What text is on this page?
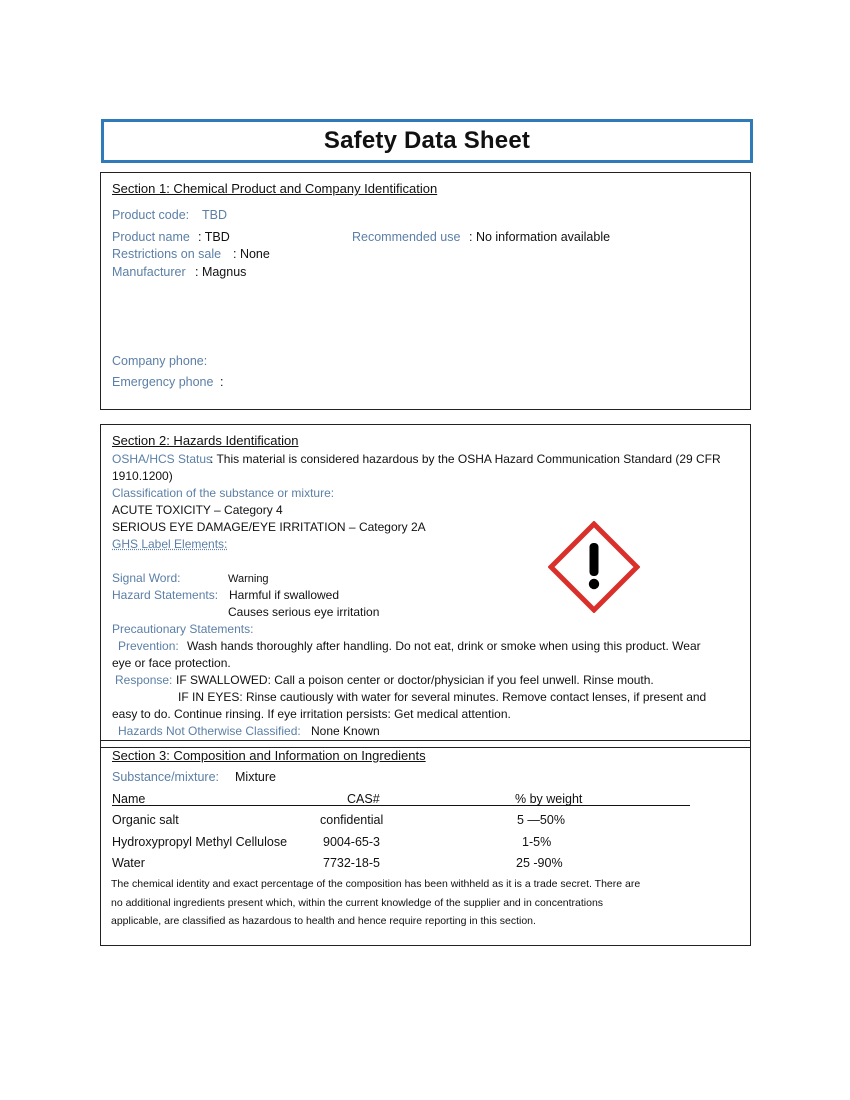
Safety Data Sheet
Section 1: Chemical Product and Company Identification
Product code: TBD
Product name : TBD	Recommended use : No information available
Restrictions on sale : None
Manufacturer : Magnus
Company phone:
Emergency phone :
Section 2: Hazards Identification
OSHA/HCS Status
: This material is considered hazardous by the OSHA Hazard Communication Standard (29 CFR
1910.1200)
Classification of the substance or mixture:
ACUTE TOXICITY – Category 4
SERIOUS EYE DAMAGE/EYE IRRITATION – Category 2A
GHS Label Elements:
Signal Word:	Warning
Hazard Statements: Harmful if swallowed
Causes serious eye irritation
Precautionary Statements:
Prevention: Wash hands thoroughly after handling. Do not eat, drink or smoke when using this product. Wear
eye or face protection.
Response: IF SWALLOWED: Call a poison center or doctor/physician if you feel unwell. Rinse mouth.
IF IN EYES: Rinse cautiously with water for several minutes. Remove contact lenses, if present and
easy to do. Continue rinsing. If eye irritation persists: Get medical attention.
Hazards Not Otherwise Classified: None Known
Section 3: Composition and Information on Ingredients
Substance/mixture: Mixture
Name	CAS#	% by weight
Organic salt	confidential	5 —50%
Hydroxypropyl Methyl Cellulose	9004-65-3	1-5%
Water	7732-18-5	25 -90%
The chemical identity and exact percentage of the composition has been withheld as it is a trade secret. There are
no additional ingredients present which, within the current knowledge of the supplier and in concentrations
applicable, are classified as hazardous to health and hence require reporting in this section.
